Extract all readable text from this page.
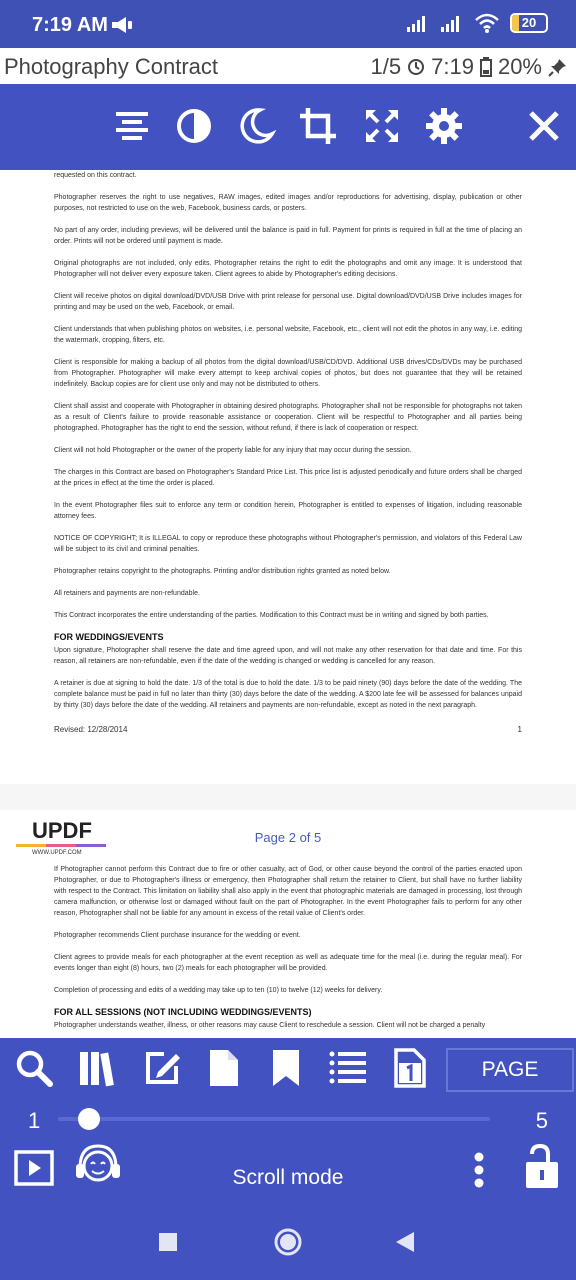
7:19 AM	20
Photography Contract	1/5 7:19 20%
requested on this contract.
Photographer reserves the right to use negatives, RAW images, edited images and/or reproductions for advertising, display, publication or other purposes, not restricted to use on the web, Facebook, business cards, or posters.
No part of any order, including previews, will be delivered until the balance is paid in full. Payment for prints is required in full at the time of placing an order. Prints will not be ordered until payment is made.
Original photographs are not included, only edits. Photographer retains the right to edit the photographs and omit any image. It is understood that Photographer will not deliver every exposure taken. Client agrees to abide by Photographer's editing decisions.
Client will receive photos on digital download/DVD/USB Drive with print release for personal use. Digital download/DVD/USB Drive includes images for printing and may be used on the web, Facebook, or email.
Client understands that when publishing photos on websites, i.e. personal website, Facebook, etc., client will not edit the photos in any way, i.e. editing the watermark, cropping, filters, etc.
Client is responsible for making a backup of all photos from the digital download/USB/CD/DVD. Additional USB drives/CDs/DVDs may be purchased from Photographer. Photographer will make every attempt to keep archival copies of photos, but does not guarantee that they will be retained indefinitely. Backup copies are for client use only and may not be distributed to others.
Client shall assist and cooperate with Photographer in obtaining desired photographs. Photographer shall not be responsible for photographs not taken as a result of Client's failure to provide reasonable assistance or cooperation. Client will be respectful to Photographer and all parties being photographed. Photographer has the right to end the session, without refund, if there is lack of cooperation or respect.
Client will not hold Photographer or the owner of the property liable for any injury that may occur during the session.
The charges in this Contract are based on Photographer's Standard Price List. This price list is adjusted periodically and future orders shall be charged at the prices in effect at the time the order is placed.
In the event Photographer files suit to enforce any term or condition herein, Photographer is entitled to expenses of litigation, including reasonable attorney fees.
NOTICE OF COPYRIGHT; It is ILLEGAL to copy or reproduce these photographs without Photographer's permission, and violators of this Federal Law will be subject to its civil and criminal penalties.
Photographer retains copyright to the photographs. Printing and/or distribution rights granted as noted below.
All retainers and payments are non-refundable.
This Contract incorporates the entire understanding of the parties. Modification to this Contract must be in writing and signed by both parties.
FOR WEDDINGS/EVENTS
Upon signature, Photographer shall reserve the date and time agreed upon, and will not make any other reservation for that date and time. For this reason, all retainers are non-refundable, even if the date of the wedding is changed or wedding is cancelled for any reason.
A retainer is due at signing to hold the date. 1/3 of the total is due to hold the date. 1/3 to be paid ninety (90) days before the date of the wedding. The complete balance must be paid in full no later than thirty (30) days before the date of the wedding. A $200 late fee will be assessed for balances unpaid by thirty (30) days before the date of the wedding. All retainers and payments are non-refundable, except as noted in the next paragraph.
Revised: 12/28/2014	1
UPDF
WWW.UPDF.COM
Page 2 of 5
If Photographer cannot perform this Contract due to fire or other casualty, act of God, or other cause beyond the control of the parties enacted upon Photographer, or due to Photographer's illness or emergency, then Photographer shall return the retainer to Client, but shall have no further liability with respect to the Contract. This limitation on liability shall also apply in the event that photographic materials are damaged in processing, lost through camera malfunction, or otherwise lost or damaged without fault on the part of Photographer. In the event Photographer fails to perform for any other reason, Photographer shall not be liable for any amount in excess of the retail value of Client's order.
Photographer recommends Client purchase insurance for the wedding or event.
Client agrees to provide meals for each photographer at the event reception as well as adequate time for the meal (i.e. during the regular meal). For events longer than eight (8) hours, two (2) meals for each photographer will be provided.
Completion of processing and edits of a wedding may take up to ten (10) to twelve (12) weeks for delivery.
FOR ALL SESSIONS (NOT INCLUDING WEDDINGS/EVENTS)
Photographer understands weather, illness, or other reasons may cause Client to reschedule a session. Client will not be charged a penalty
PAGE
1	5
Scroll mode
